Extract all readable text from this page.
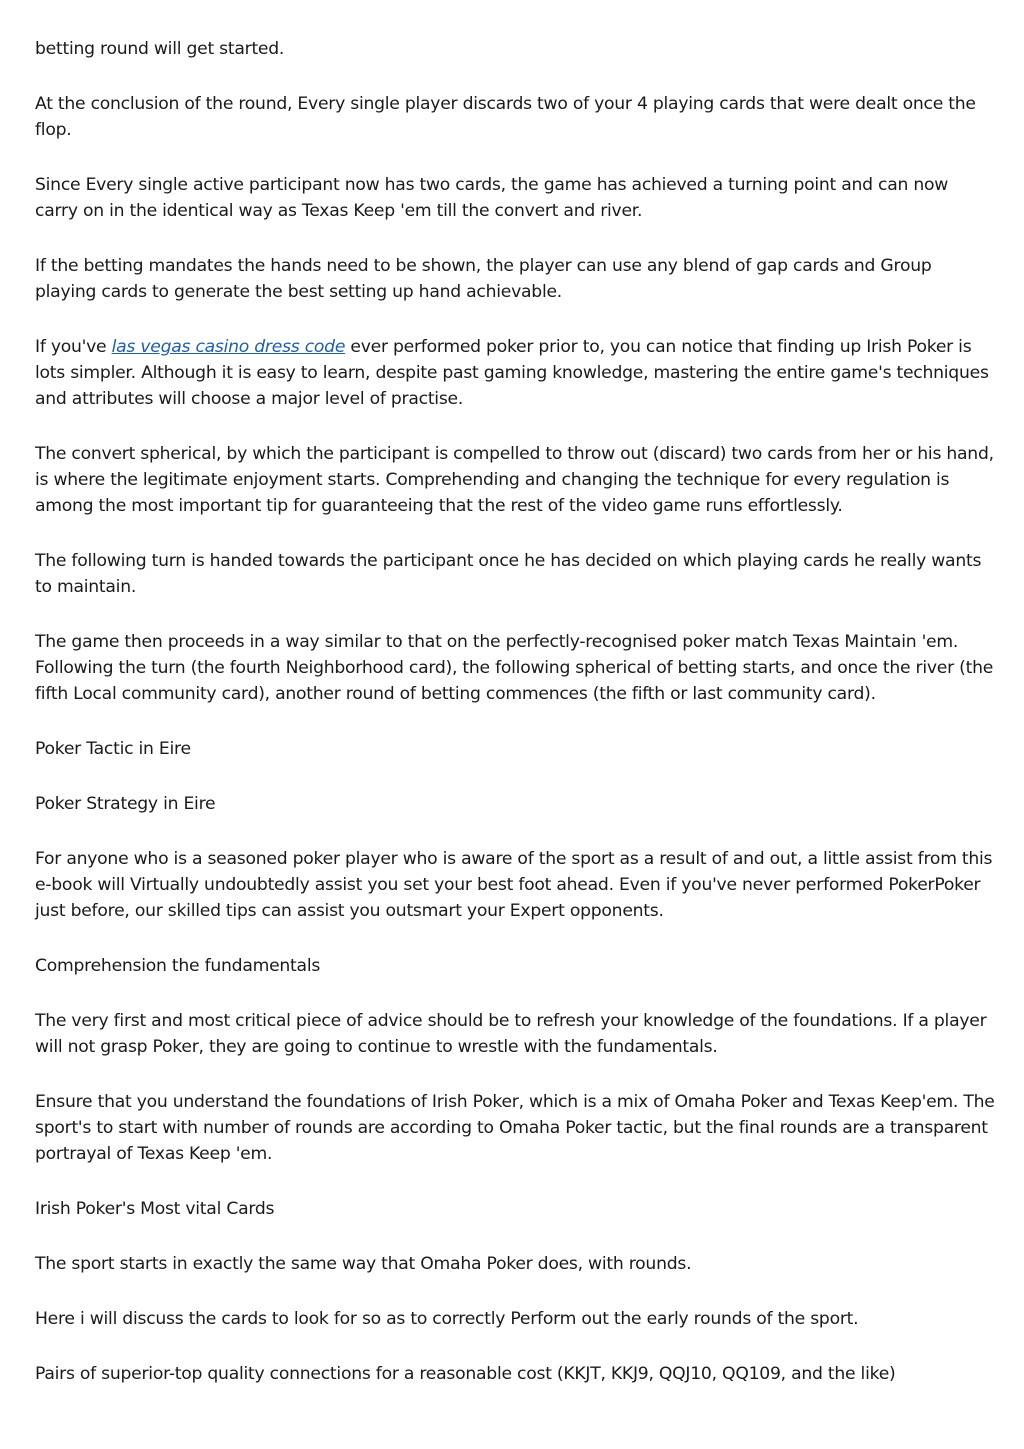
betting round will get started.

At the conclusion of the round, Every single player discards two of your 4 playing cards that were dealt once the flop.

Since Every single active participant now has two cards, the game has achieved a turning point and can now carry on in the identical way as Texas Keep 'em till the convert and river.

If the betting mandates the hands need to be shown, the player can use any blend of gap cards and Group playing cards to generate the best setting up hand achievable.

If you've las vegas casino dress code ever performed poker prior to, you can notice that finding up Irish Poker is lots simpler. Although it is easy to learn, despite past gaming knowledge, mastering the entire game's techniques and attributes will choose a major level of practise.

The convert spherical, by which the participant is compelled to throw out (discard) two cards from her or his hand, is where the legitimate enjoyment starts. Comprehending and changing the technique for every regulation is among the most important tip for guaranteeing that the rest of the video game runs effortlessly.

The following turn is handed towards the participant once he has decided on which playing cards he really wants to maintain.

The game then proceeds in a way similar to that on the perfectly-recognised poker match Texas Maintain 'em. Following the turn (the fourth Neighborhood card), the following spherical of betting starts, and once the river (the fifth Local community card), another round of betting commences (the fifth or last community card).

Poker Tactic in Eire

Poker Strategy in Eire

For anyone who is a seasoned poker player who is aware of the sport as a result of and out, a little assist from this e-book will Virtually undoubtedly assist you set your best foot ahead. Even if you've never performed PokerPoker just before, our skilled tips can assist you outsmart your Expert opponents.

Comprehension the fundamentals

The very first and most critical piece of advice should be to refresh your knowledge of the foundations. If a player will not grasp Poker, they are going to continue to wrestle with the fundamentals.

Ensure that you understand the foundations of Irish Poker, which is a mix of Omaha Poker and Texas Keep'em. The sport's to start with number of rounds are according to Omaha Poker tactic, but the final rounds are a transparent portrayal of Texas Keep 'em.

Irish Poker's Most vital Cards

The sport starts in exactly the same way that Omaha Poker does, with rounds.

Here i will discuss the cards to look for so as to correctly Perform out the early rounds of the sport.

Pairs of superior-top quality connections for a reasonable cost (KKJT, KKJ9, QQJ10, QQ109, and the like)
